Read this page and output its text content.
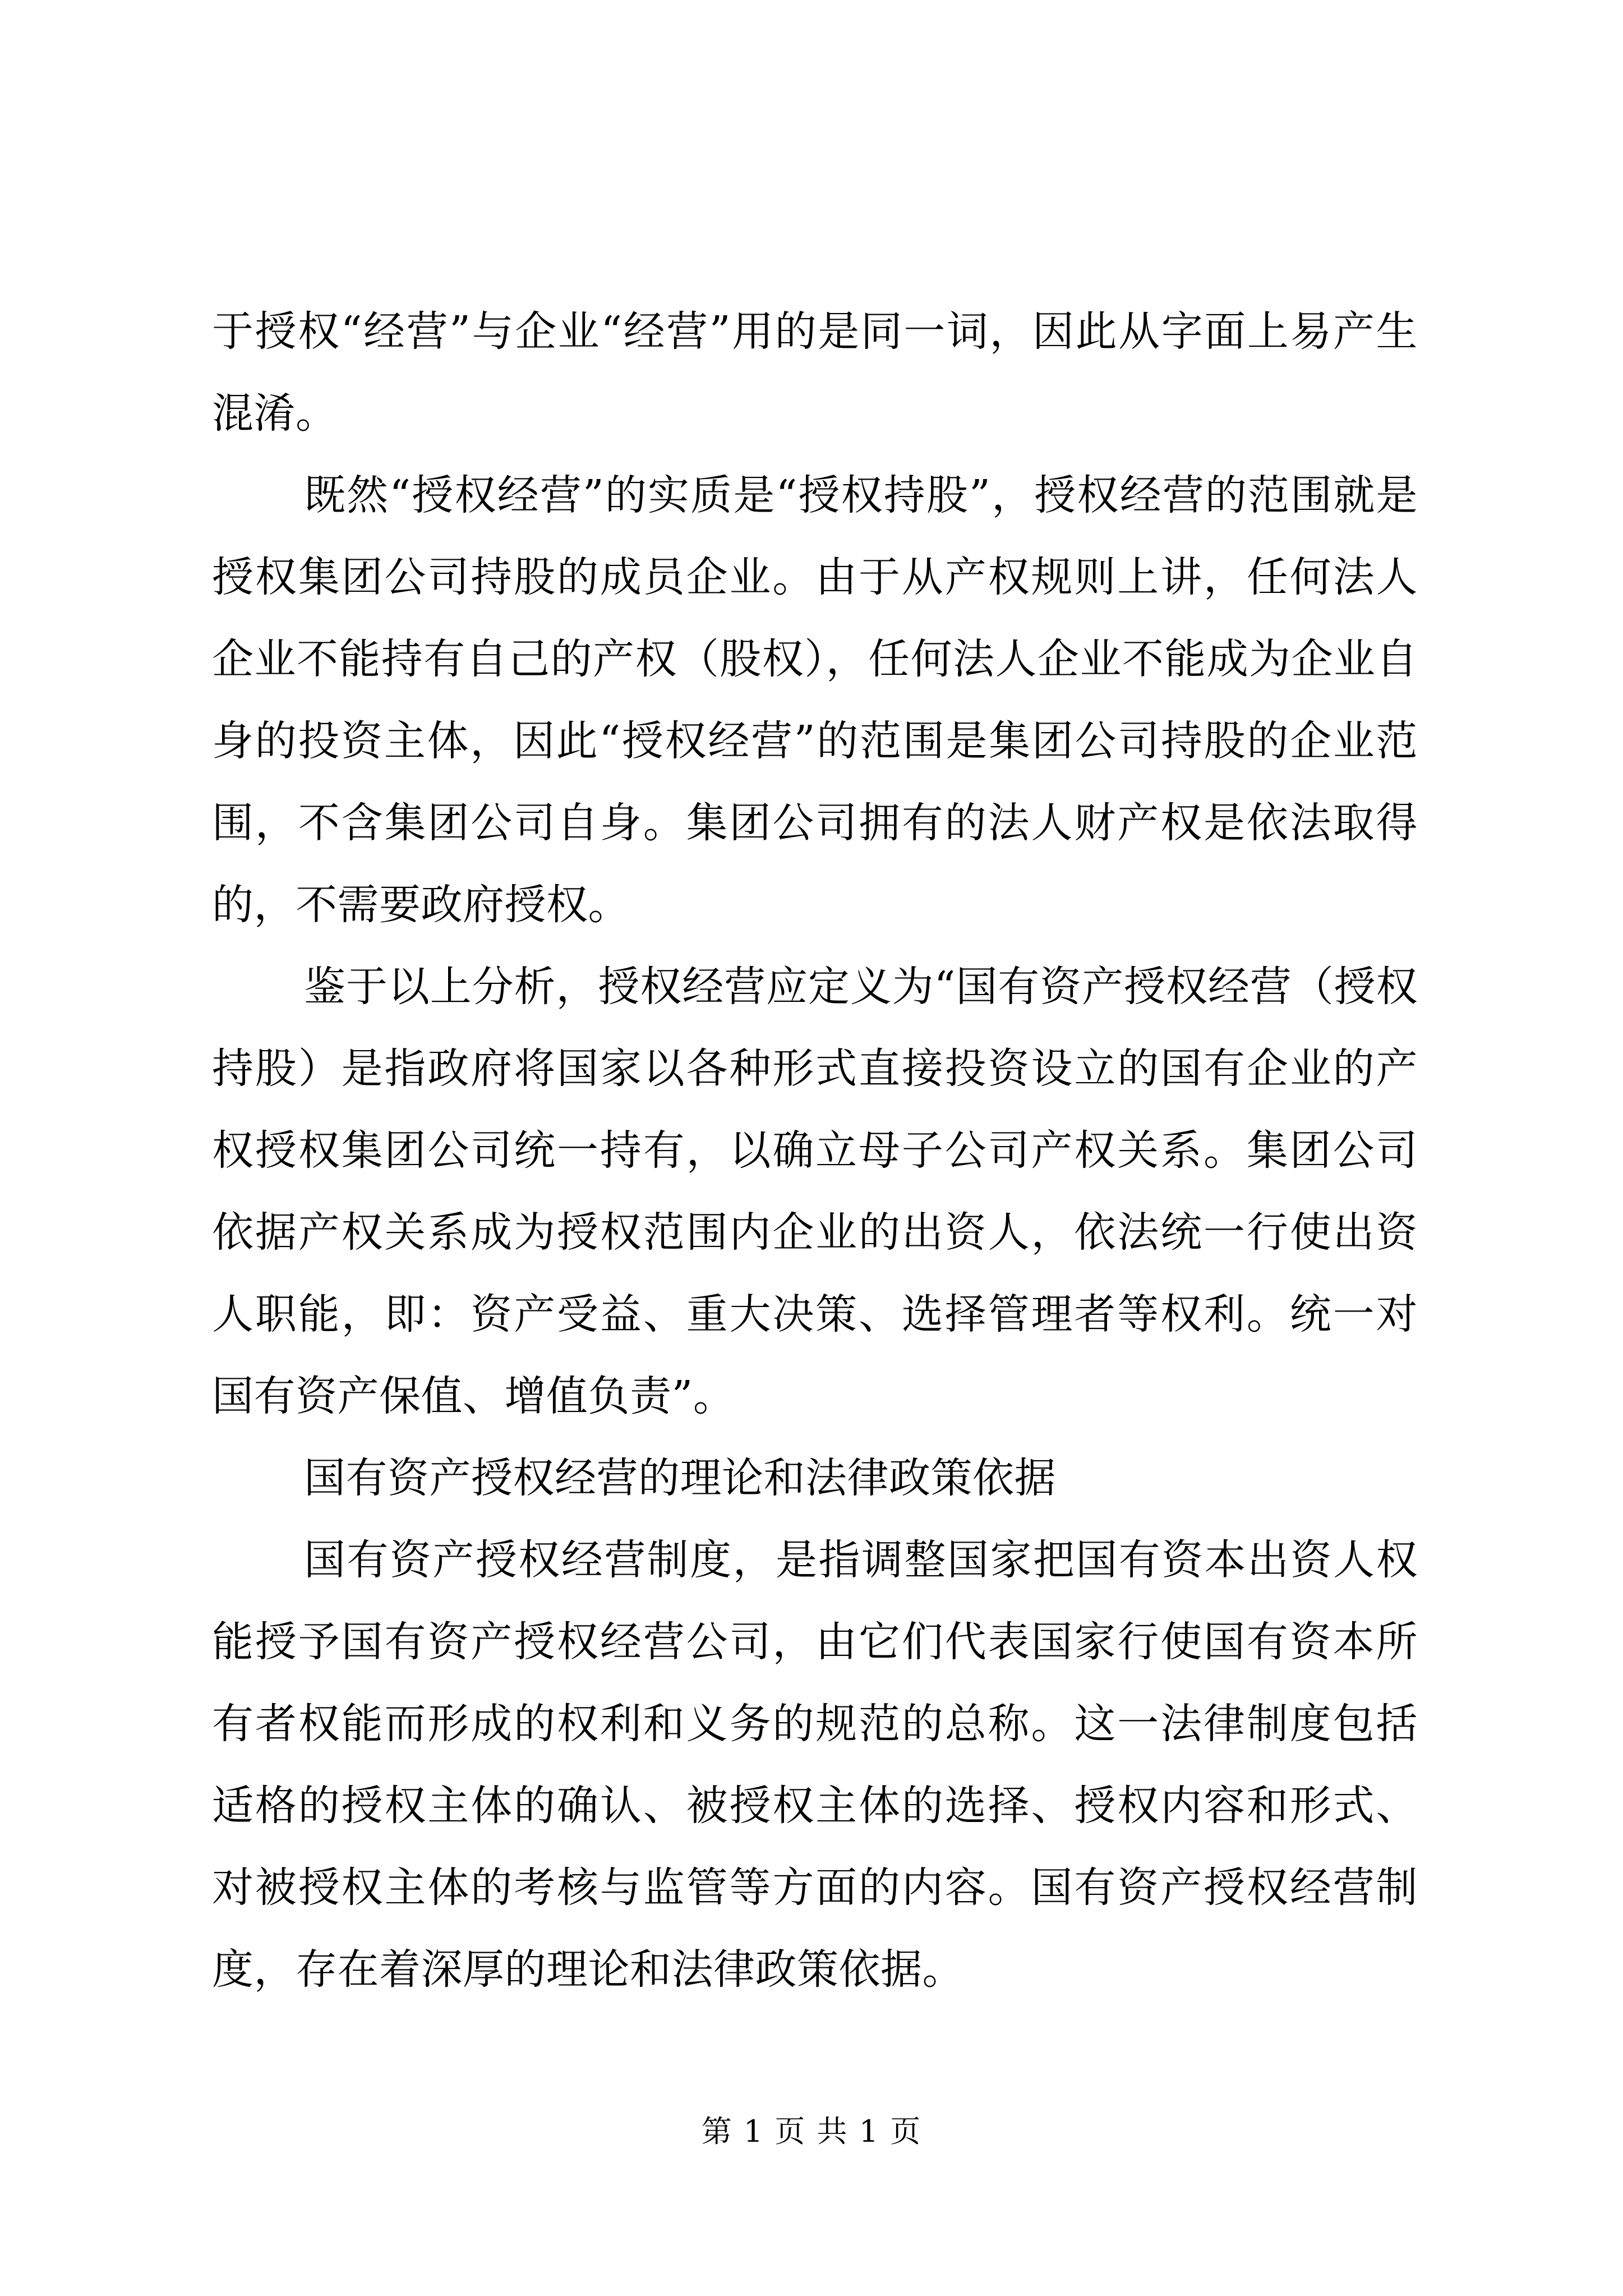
于授权“经营”与企业“经营”用的是同一词，因此从字面上易产生混淆。

既然“授权经营”的实质是“授权持股”，授权经营的范围就是授权集团公司持股的成员企业。由于从产权规则上讲，任何法人企业不能持有自己的产权（股权），任何法人企业不能成为企业自身的投资主体，因此“授权经营”的范围是集团公司持股的企业范围，不含集团公司自身。集团公司拥有的法人财产权是依法取得的，不需要政府授权。

鉴于以上分析，授权经营应定义为“国有资产授权经营（授权持股）是指政府将国家以各种形式直接投资设立的国有企业的产权授权集团公司统一持有，以确立母子公司产权关系。集团公司依据产权关系成为授权范围内企业的出资人，依法统一行使出资人职能，即：资产受益、重大决策、选择管理者等权利。统一对国有资产保值、增值负责”。

国有资产授权经营的理论和法律政策依据

国有资产授权经营制度，是指调整国家把国有资本出资人权能授予国有资产授权经营公司，由它们代表国家行使国有资本所有者权能而形成的权利和义务的规范的总称。这一法律制度包括适格的授权主体的确认、被授权主体的选择、授权内容和形式、对被授权主体的考核与监管等方面的内容。国有资产授权经营制度，存在着深厚的理论和法律政策依据。

第 1 页 共 1 页
